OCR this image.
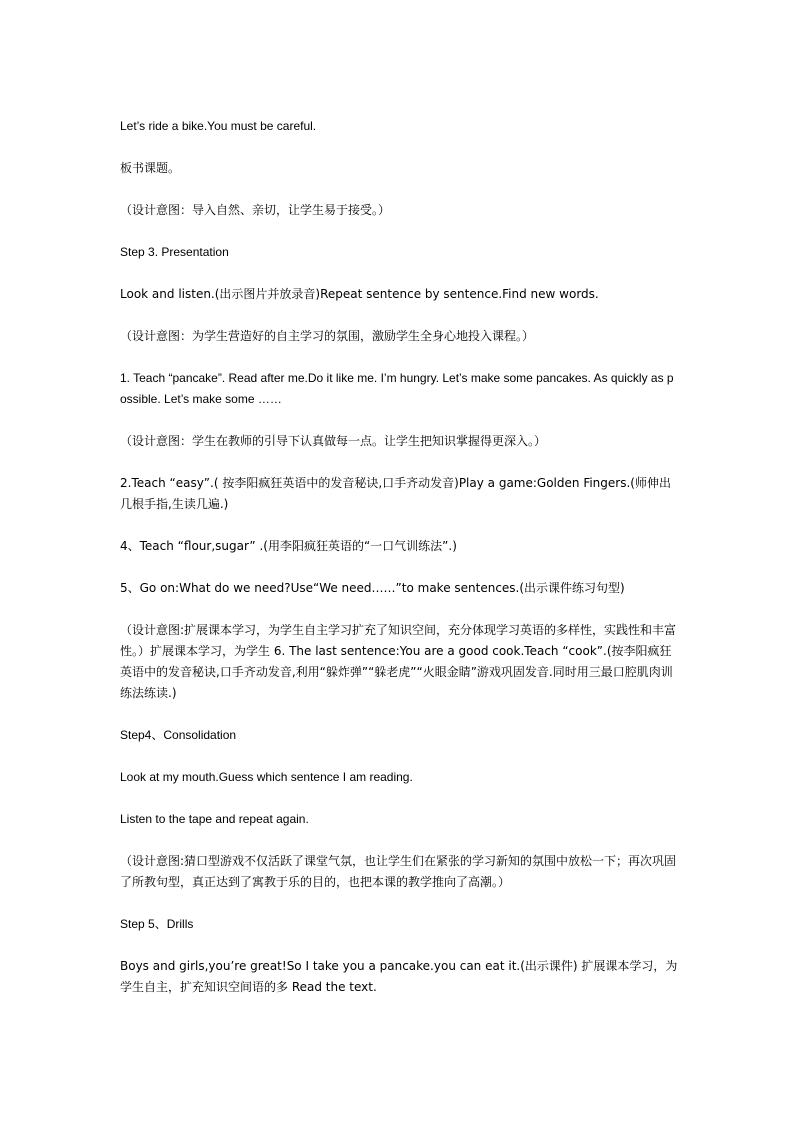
Let’s ride a bike.You must be careful.

板书课题。

（设计意图：导入自然、亲切，让学生易于接受。）

Step 3. Presentation

Look and listen.(出示图片并放录音)Repeat sentence by sentence.Find new words.

（设计意图：为学生营造好的自主学习的氛围，激励学生全身心地投入课程。）

1. Teach “pancake”. Read after me.Do it like me. I’m hungry. Let’s make some pancakes. As quickly as possible. Let’s make some ……

（设计意图：学生在教师的引导下认真做每一点。让学生把知识掌握得更深入。）

2.Teach “easy”.( 按李阳疯狂英语中的发音秘诀,口手齐动发音)Play a game:Golden Fingers.(师伸出几根手指,生读几遍.)

4、Teach “flour,sugar” .(用李阳疯狂英语的“一口气训练法”.)

5、Go on:What do we need?Use“We need……”to make sentences.(出示课件练习句型)

（设计意图:扩展课本学习，为学生自主学习扩充了知识空间，充分体现学习英语的多样性，实践性和丰富性。）扩展课本学习，为学生 6. The last sentence:You are a good cook.Teach “cook”.(按李阳疯狂英语中的发音秘诀,口手齐动发音,利用“躲炸弹”“躲老虎”“火眼金睛”游戏巩固发音.同时用三最口腔肌肉训练法练读.)

Step4、Consolidation

Look at my mouth.Guess which sentence I am reading.

Listen to the tape and repeat again.

（设计意图:猜口型游戏不仅活跃了课堂气氛，也让学生们在紧张的学习新知的氛围中放松一下；再次巩固了所教句型，真正达到了寓教于乐的目的，也把本课的教学推向了高潮。）

Step 5、Drills

Boys and girls,you’re great!So I take you a pancake.you can eat it.(出示课件) 扩展课本学习，为学生自主，扩充知识空间语的多 Read the text.
